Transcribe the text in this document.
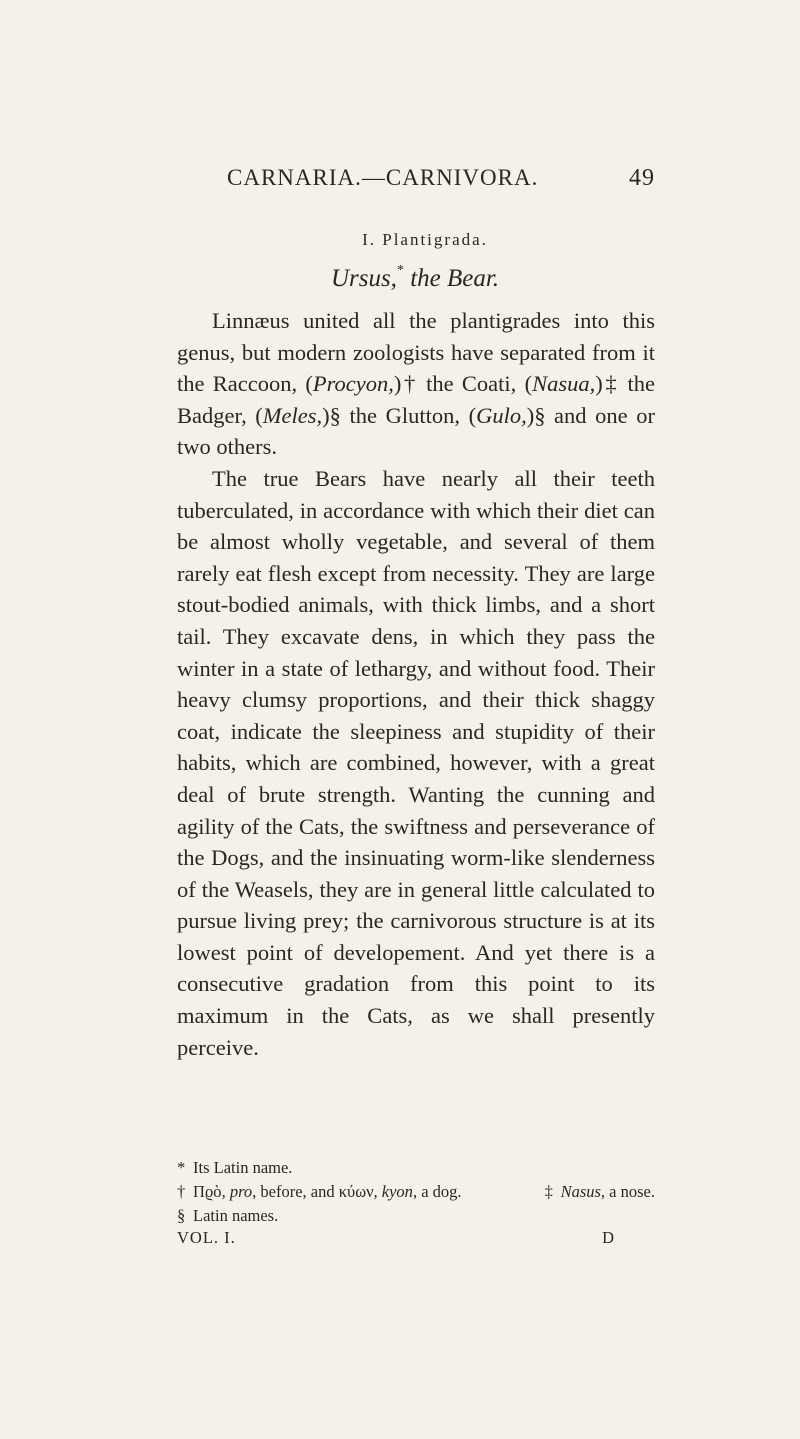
CARNARIA.—CARNIVORA.	49
I. Plantigrada.
Ursus,* the Bear.

Linnæus united all the plantigrades into this genus, but modern zoologists have separated from it the Raccoon, (Procyon,)† the Coati, (Nasua,)‡ the Badger, (Meles,)§ the Glutton, (Gulo,)§ and one or two others.

The true Bears have nearly all their teeth tuberculated, in accordance with which their diet can be almost wholly vegetable, and several of them rarely eat flesh except from necessity. They are large stout-bodied animals, with thick limbs, and a short tail. They excavate dens, in which they pass the winter in a state of lethargy, and without food. Their heavy clumsy proportions, and their thick shaggy coat, indicate the sleepiness and stupidity of their habits, which are combined, however, with a great deal of brute strength. Wanting the cunning and agility of the Cats, the swiftness and perseverance of the Dogs, and the insinuating worm-like slenderness of the Weasels, they are in general little calculated to pursue living prey; the carnivorous structure is at its lowest point of developement. And yet there is a consecutive gradation from this point to its maximum in the Cats, as we shall presently perceive.

* Its Latin name.
† Πϱὸ, pro, before, and κύων, kyon, a dog.	‡ Nasus, a nose.
§ Latin names.
VOL. I.	D
